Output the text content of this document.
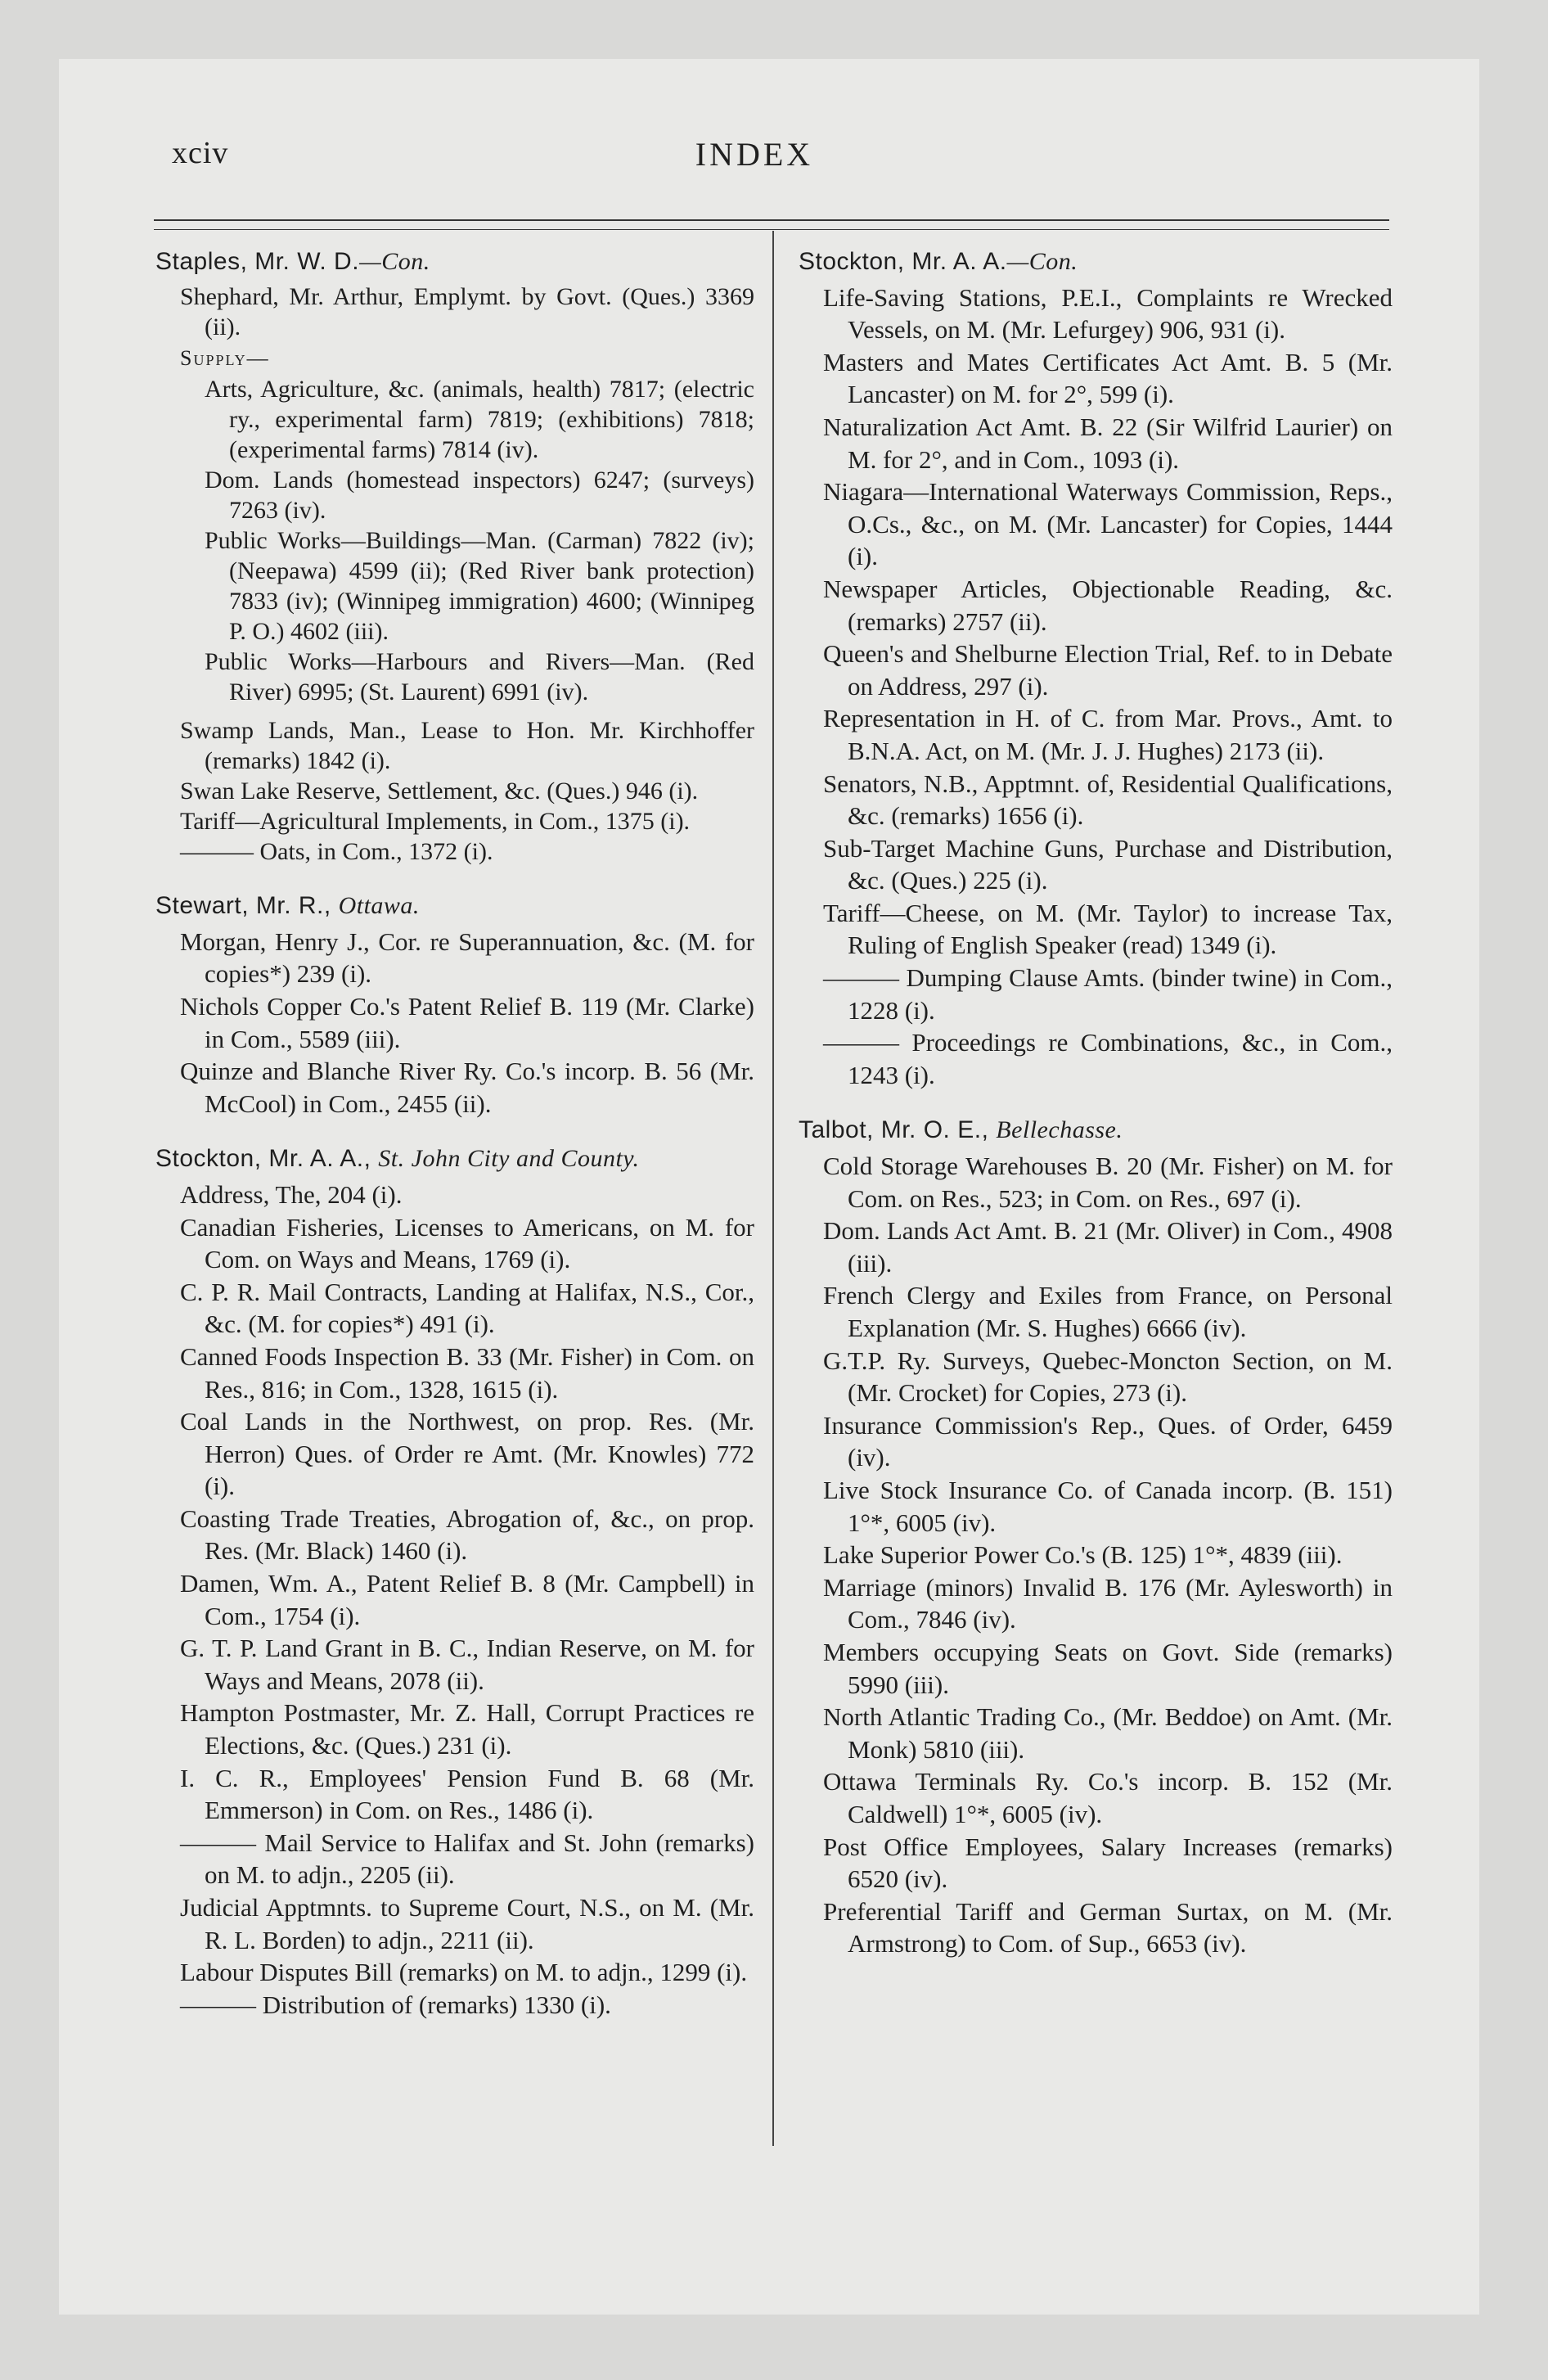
xciv	INDEX
Staples, Mr. W. D.—Con.
Shephard, Mr. Arthur, Emplymt. by Govt. (Ques.) 3369 (ii).
Supply—
Arts, Agriculture, &c. (animals, health) 7817; (electric ry., experimental farm) 7819; (exhibitions) 7818; (experimental farms) 7814 (iv).
Dom. Lands (homestead inspectors) 6247; (surveys) 7263 (iv).
Public Works—Buildings—Man. (Carman) 7822 (iv); (Neepawa) 4599 (ii); (Red River bank protection) 7833 (iv); (Winnipeg immigration) 4600; (Winnipeg P. O.) 4602 (iii).
Public Works—Harbours and Rivers—Man. (Red River) 6995; (St. Laurent) 6991 (iv).
Swamp Lands, Man., Lease to Hon. Mr. Kirchhoffer (remarks) 1842 (i).
Swan Lake Reserve, Settlement, &c. (Ques.) 946 (i).
Tariff—Agricultural Implements, in Com., 1375 (i).
——— Oats, in Com., 1372 (i).
Stewart, Mr. R., Ottawa.
Morgan, Henry J., Cor. re Superannuation, &c. (M. for copies*) 239 (i).
Nichols Copper Co.'s Patent Relief B. 119 (Mr. Clarke) in Com., 5589 (iii).
Quinze and Blanche River Ry. Co.'s incorp. B. 56 (Mr. McCool) in Com., 2455 (ii).
Stockton, Mr. A. A., St. John City and County.
Address, The, 204 (i).
Canadian Fisheries, Licenses to Americans, on M. for Com. on Ways and Means, 1769 (i).
C. P. R. Mail Contracts, Landing at Halifax, N.S., Cor., &c. (M. for copies*) 491 (i).
Canned Foods Inspection B. 33 (Mr. Fisher) in Com. on Res., 816; in Com., 1328, 1615 (i).
Coal Lands in the Northwest, on prop. Res. (Mr. Herron) Ques. of Order re Amt. (Mr. Knowles) 772 (i).
Coasting Trade Treaties, Abrogation of, &c., on prop. Res. (Mr. Black) 1460 (i).
Damen, Wm. A., Patent Relief B. 8 (Mr. Campbell) in Com., 1754 (i).
G. T. P. Land Grant in B. C., Indian Reserve, on M. for Ways and Means, 2078 (ii).
Hampton Postmaster, Mr. Z. Hall, Corrupt Practices re Elections, &c. (Ques.) 231 (i).
I. C. R., Employees' Pension Fund B. 68 (Mr. Emmerson) in Com. on Res., 1486 (i).
——— Mail Service to Halifax and St. John (remarks) on M. to adjn., 2205 (ii).
Judicial Apptmnts. to Supreme Court, N.S., on M. (Mr. R. L. Borden) to adjn., 2211 (ii).
Labour Disputes Bill (remarks) on M. to adjn., 1299 (i).
——— Distribution of (remarks) 1330 (i).
Stockton, Mr. A. A.—Con.
Life-Saving Stations, P.E.I., Complaints re Wrecked Vessels, on M. (Mr. Lefurgey) 906, 931 (i).
Masters and Mates Certificates Act Amt. B. 5 (Mr. Lancaster) on M. for 2°, 599 (i).
Naturalization Act Amt. B. 22 (Sir Wilfrid Laurier) on M. for 2°, and in Com., 1093 (i).
Niagara—International Waterways Commission, Reps., O.Cs., &c., on M. (Mr. Lancaster) for Copies, 1444 (i).
Newspaper Articles, Objectionable Reading, &c. (remarks) 2757 (ii).
Queen's and Shelburne Election Trial, Ref. to in Debate on Address, 297 (i).
Representation in H. of C. from Mar. Provs., Amt. to B.N.A. Act, on M. (Mr. J. J. Hughes) 2173 (ii).
Senators, N.B., Apptmnt. of, Residential Qualifications, &c. (remarks) 1656 (i).
Sub-Target Machine Guns, Purchase and Distribution, &c. (Ques.) 225 (i).
Tariff—Cheese, on M. (Mr. Taylor) to increase Tax, Ruling of English Speaker (read) 1349 (i).
——— Dumping Clause Amts. (binder twine) in Com., 1228 (i).
——— Proceedings re Combinations, &c., in Com., 1243 (i).
Talbot, Mr. O. E., Bellechasse.
Cold Storage Warehouses B. 20 (Mr. Fisher) on M. for Com. on Res., 523; in Com. on Res., 697 (i).
Dom. Lands Act Amt. B. 21 (Mr. Oliver) in Com., 4908 (iii).
French Clergy and Exiles from France, on Personal Explanation (Mr. S. Hughes) 6666 (iv).
G.T.P. Ry. Surveys, Quebec-Moncton Section, on M. (Mr. Crocket) for Copies, 273 (i).
Insurance Commission's Rep., Ques. of Order, 6459 (iv).
Live Stock Insurance Co. of Canada incorp. (B. 151) 1°*, 6005 (iv).
Lake Superior Power Co.'s (B. 125) 1°*, 4839 (iii).
Marriage (minors) Invalid B. 176 (Mr. Aylesworth) in Com., 7846 (iv).
Members occupying Seats on Govt. Side (remarks) 5990 (iii).
North Atlantic Trading Co., (Mr. Beddoe) on Amt. (Mr. Monk) 5810 (iii).
Ottawa Terminals Ry. Co.'s incorp. B. 152 (Mr. Caldwell) 1°*, 6005 (iv).
Post Office Employees, Salary Increases (remarks) 6520 (iv).
Preferential Tariff and German Surtax, on M. (Mr. Armstrong) to Com. of Sup., 6653 (iv).
